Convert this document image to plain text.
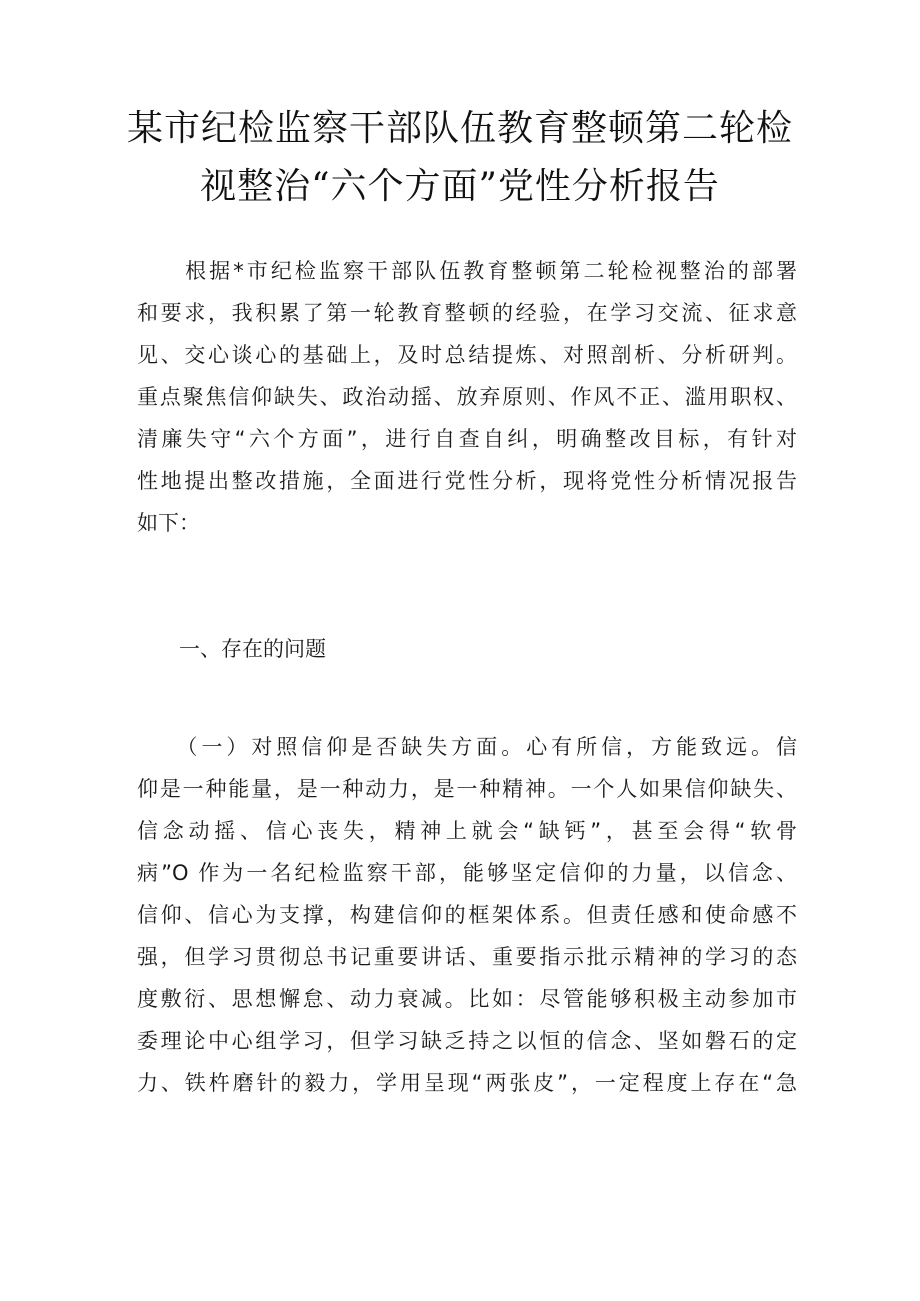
某市纪检监察干部队伍教育整顿第二轮检
视整治“六个方面”党性分析报告
　　根据*市纪检监察干部队伍教育整顿第二轮检视整治的部署
和要求，我积累了第一轮教育整顿的经验，在学习交流、征求意
见、交心谈心的基础上，及时总结提炼、对照剖析、分析研判。
重点聚焦信仰缺失、政治动摇、放弃原则、作风不正、滥用职权、
清廉失守“六个方面”，进行自查自纠，明确整改目标，有针对
性地提出整改措施，全面进行党性分析，现将党性分析情况报告
如下：
　　一、存在的问题
　　（一）对照信仰是否缺失方面。心有所信，方能致远。信
仰是一种能量，是一种动力，是一种精神。一个人如果信仰缺失、
信念动摇、信心丧失，精神上就会“缺钙”，甚至会得“软骨
病”O 作为一名纪检监察干部，能够坚定信仰的力量，以信念、
信仰、信心为支撑，构建信仰的框架体系。但责任感和使命感不
强，但学习贯彻总书记重要讲话、重要指示批示精神的学习的态
度敷衍、思想懈怠、动力衰减。比如：尽管能够积极主动参加市
委理论中心组学习，但学习缺乏持之以恒的信念、坚如磐石的定
力、铁杵磨针的毅力，学用呈现“两张皮”，一定程度上存在“急
